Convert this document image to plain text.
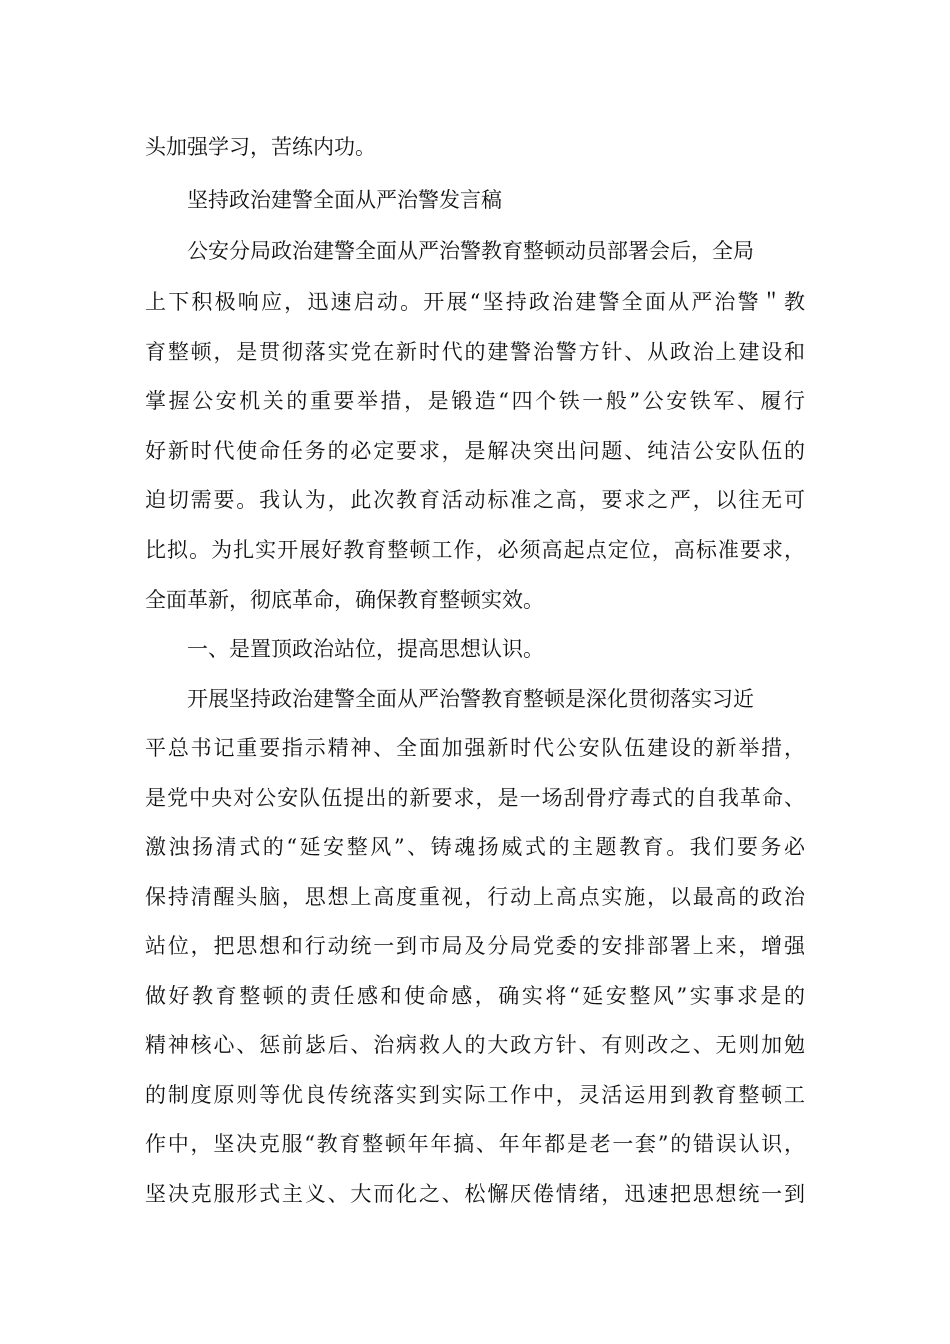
头加强学习，苦练内功。

坚持政治建警全面从严治警发言稿

公安分局政治建警全面从严治警教育整顿动员部署会后，全局

上下积极响应，迅速启动。开展“坚持政治建警全面从严治警＂教

育整顿，是贯彻落实党在新时代的建警治警方针、从政治上建设和

掌握公安机关的重要举措，是锻造“四个铁一般”公安铁军、履行

好新时代使命任务的必定要求，是解决突出问题、纯洁公安队伍的

迫切需要。我认为，此次教育活动标准之高，要求之严，以往无可

比拟。为扎实开展好教育整顿工作，必须高起点定位，高标准要求，

全面革新，彻底革命，确保教育整顿实效。

一、是置顶政治站位，提高思想认识。

开展坚持政治建警全面从严治警教育整顿是深化贯彻落实习近

平总书记重要指示精神、全面加强新时代公安队伍建设的新举措，

是党中央对公安队伍提出的新要求，是一场刮骨疗毒式的自我革命、

激浊扬清式的“延安整风”、铸魂扬威式的主题教育。我们要务必

保持清醒头脑，思想上高度重视，行动上高点实施，以最高的政治

站位，把思想和行动统一到市局及分局党委的安排部署上来，增强

做好教育整顿的责任感和使命感，确实将“延安整风”实事求是的

精神核心、惩前毖后、治病救人的大政方针、有则改之、无则加勉

的制度原则等优良传统落实到实际工作中，灵活运用到教育整顿工

作中，坚决克服“教育整顿年年搞、年年都是老一套”的错误认识，

坚决克服形式主义、大而化之、松懈厌倦情绪，迅速把思想统一到
